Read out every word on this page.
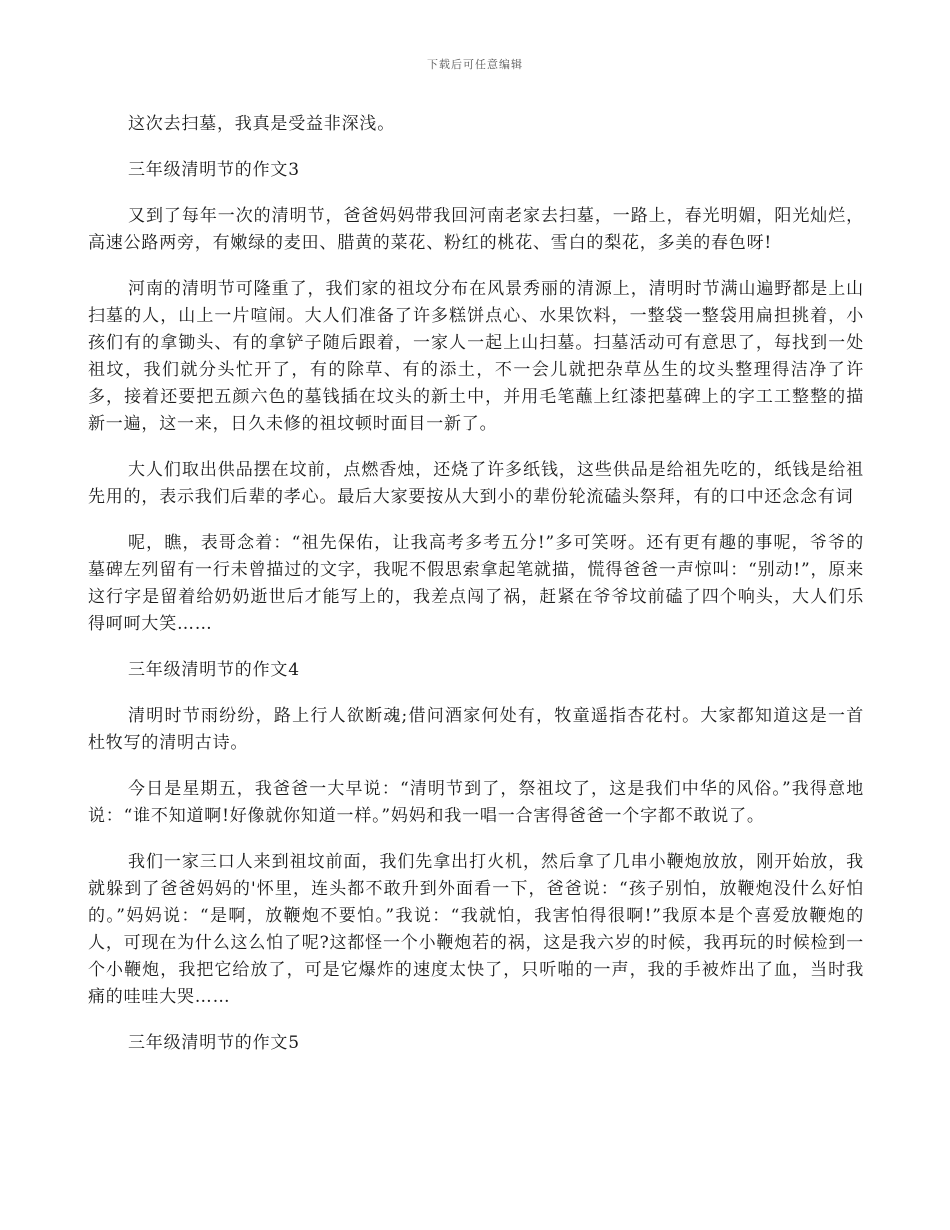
下载后可任意编辑

这次去扫墓，我真是受益非深浅。

三年级清明节的作文3

又到了每年一次的清明节，爸爸妈妈带我回河南老家去扫墓，一路上，春光明媚，阳光灿烂，高速公路两旁，有嫩绿的麦田、腊黄的菜花、粉红的桃花、雪白的梨花，多美的春色呀!

河南的清明节可隆重了，我们家的祖坟分布在风景秀丽的清源上，清明时节满山遍野都是上山扫墓的人，山上一片喧闹。大人们准备了许多糕饼点心、水果饮料，一整袋一整袋用扁担挑着，小孩们有的拿锄头、有的拿铲子随后跟着，一家人一起上山扫墓。扫墓活动可有意思了，每找到一处祖坟，我们就分头忙开了，有的除草、有的添土，不一会儿就把杂草丛生的坟头整理得洁净了许多，接着还要把五颜六色的墓钱插在坟头的新土中，并用毛笔蘸上红漆把墓碑上的字工工整整的描新一遍，这一来，日久未修的祖坟顿时面目一新了。

大人们取出供品摆在坟前，点燃香烛，还烧了许多纸钱，这些供品是给祖先吃的，纸钱是给祖先用的，表示我们后辈的孝心。最后大家要按从大到小的辈份轮流磕头祭拜，有的口中还念念有词

呢，瞧，表哥念着：“祖先保佑，让我高考多考五分!”多可笑呀。还有更有趣的事呢，爷爷的墓碑左列留有一行未曾描过的文字，我呢不假思索拿起笔就描，慌得爸爸一声惊叫：“别动!”，原来这行字是留着给奶奶逝世后才能写上的，我差点闯了祸，赶紧在爷爷坟前磕了四个响头，大人们乐得呵呵大笑……

三年级清明节的作文4

清明时节雨纷纷，路上行人欲断魂;借问酒家何处有，牧童遥指杏花村。大家都知道这是一首杜牧写的清明古诗。

今日是星期五，我爸爸一大早说：“清明节到了，祭祖坟了，这是我们中华的风俗。”我得意地说：“谁不知道啊!好像就你知道一样。”妈妈和我一唱一合害得爸爸一个字都不敢说了。

我们一家三口人来到祖坟前面，我们先拿出打火机，然后拿了几串小鞭炮放放，刚开始放，我就躲到了爸爸妈妈的'怀里，连头都不敢升到外面看一下，爸爸说：“孩子别怕，放鞭炮没什么好怕的。”妈妈说：“是啊，放鞭炮不要怕。”我说：“我就怕，我害怕得很啊!”我原本是个喜爱放鞭炮的人，可现在为什么这么怕了呢?这都怪一个小鞭炮若的祸，这是我六岁的时候，我再玩的时候检到一个小鞭炮，我把它给放了，可是它爆炸的速度太快了，只听啪的一声，我的手被炸出了血，当时我痛的哇哇大哭……

三年级清明节的作文5
